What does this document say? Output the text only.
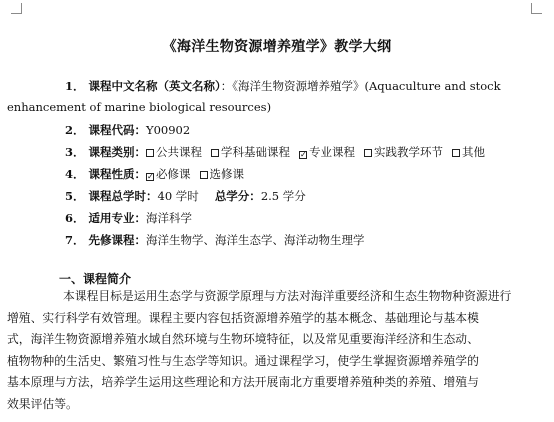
《海洋生物资源增养殖学》教学大纲
1． 课程中文名称（英文名称）：《海洋生物资源增养殖学》(Aquaculture and stock
enhancement of marine biological resources)
2． 课程代码：Y00902
3． 课程类别： 公共课程 学科基础课程 ✓ 专业课程 实践教学环节 其他
4． 课程性质：✓ 必修课 选修课
5． 课程总学时：40 学时 总学分：2.5 学分
6． 适用专业：海洋科学
7． 先修课程：海洋生物学、海洋生态学、海洋动物生理学
一、课程简介
本课程目标是运用生态学与资源学原理与方法对海洋重要经济和生态生物物种资源进行
增殖、实行科学有效管理。课程主要内容包括资源增养殖学的基本概念、基础理论与基本模
式，海洋生物资源增养殖水域自然环境与生物环境特征，以及常见重要海洋经济和生态动、
植物物种的生活史、繁殖习性与生态学等知识。通过课程学习，使学生掌握资源增养殖学的
基本原理与方法，培养学生运用这些理论和方法开展南北方重要增养殖种类的养殖、增殖与
效果评估等。
